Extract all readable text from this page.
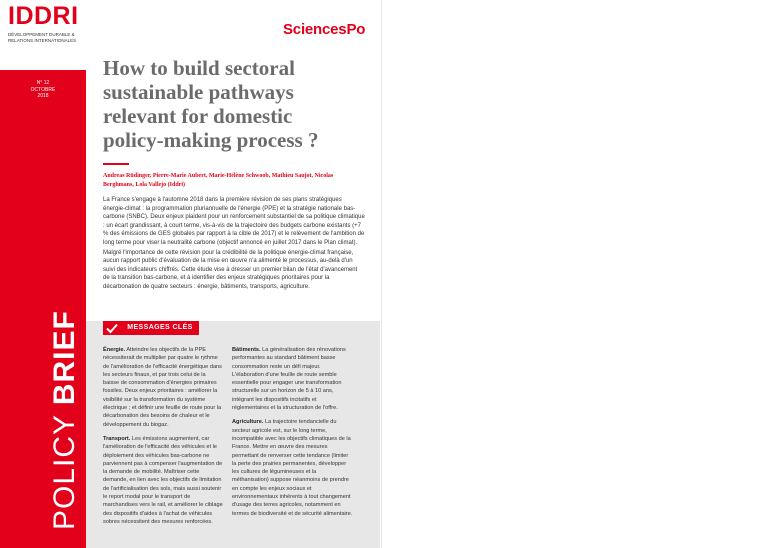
IDDRI
DÉVELOPPEMENT DURABLE & RELATIONS INTERNATIONALES
N° 12
OCTOBRE
2018
POLICY BRIEF
SciencesPo
How to build sectoral sustainable pathways relevant for domestic policy-making process ?
Andreas Rüdinger, Pierre-Marie Aubert, Marie-Hélène Schwoob, Mathieu Saujot, Nicolas Berghmans, Lola Vallejo (Iddri)

La France s'engage à l'automne 2018 dans la première révision de ses plans stratégiques énergie-climat : la programmation pluriannuelle de l'énergie (PPE) et la stratégie nationale bas-carbone (SNBC). Deux enjeux plaident pour un renforcement substantiel de sa politique climatique : un écart grandissant, à court terme, vis-à-vis de la trajectoire des budgets carbone existants (+7 % des émissions de GES globales par rapport à la cible de 2017) et le relèvement de l'ambition de long terme pour viser la neutralité carbone (objectif annoncé en juillet 2017 dans le Plan climat).

Malgré l'importance de cette révision pour la crédibilité de la politique énergie-climat française, aucun rapport public d'évaluation de la mise en œuvre n'a alimenté le processus, au-delà d'un suivi des indicateurs chiffrés. Cette étude vise à dresser un premier bilan de l'état d'avancement de la transition bas-carbone, et à identifier des enjeux stratégiques prioritaires pour la décarbonation de quatre secteurs : énergie, bâtiments, transports, agriculture.

MESSAGES CLÉS

Énergie. Atteindre les objectifs de la PPE nécessiterait de multiplier par quatre le rythme de l'amélioration de l'efficacité énergétique dans les secteurs finaux, et par trois celui de la baisse de consommation d'énergies primaires fossiles. Deux enjeux prioritaires : améliorer la visibilité sur la transformation du système électrique ; et définir une feuille de route pour la décarbonation des besoins de chaleur et le développement du biogaz.

Transport. Les émissions augmentent, car l'amélioration de l'efficacité des véhicules et le déploiement des véhicules bas-carbone ne parviennent pas à compenser l'augmentation de la demande de mobilité. Maîtriser cette demande, en lien avec les objectifs de limitation de l'artificialisation des sols, mais aussi soutenir le report modal pour le transport de marchandises vers le rail, et améliorer le ciblage des dispositifs d'aides à l'achat de véhicules sobres nécessitent des mesures renforcées.

Bâtiments. La généralisation des rénovations performantes au standard bâtiment basse consommation reste un défi majeur. L'élaboration d'une feuille de route semble essentielle pour engager une transformation structurelle sur un horizon de 5 à 10 ans, intégrant les dispositifs incitatifs et réglementaires et la structuration de l'offre.

Agriculture. La trajectoire tendancielle du secteur agricole est, sur le long terme, incompatible avec les objectifs climatiques de la France. Mettre en œuvre des mesures permettant de renverser cette tendance (limiter la perte des prairies permanentes, développer les cultures de légumineuses et la méthanisation) suppose néanmoins de prendre en compte les enjeux sociaux et environnementaux inhérents à tout changement d'usage des terres agricoles, notamment en termes de biodiversité et de sécurité alimentaire.
